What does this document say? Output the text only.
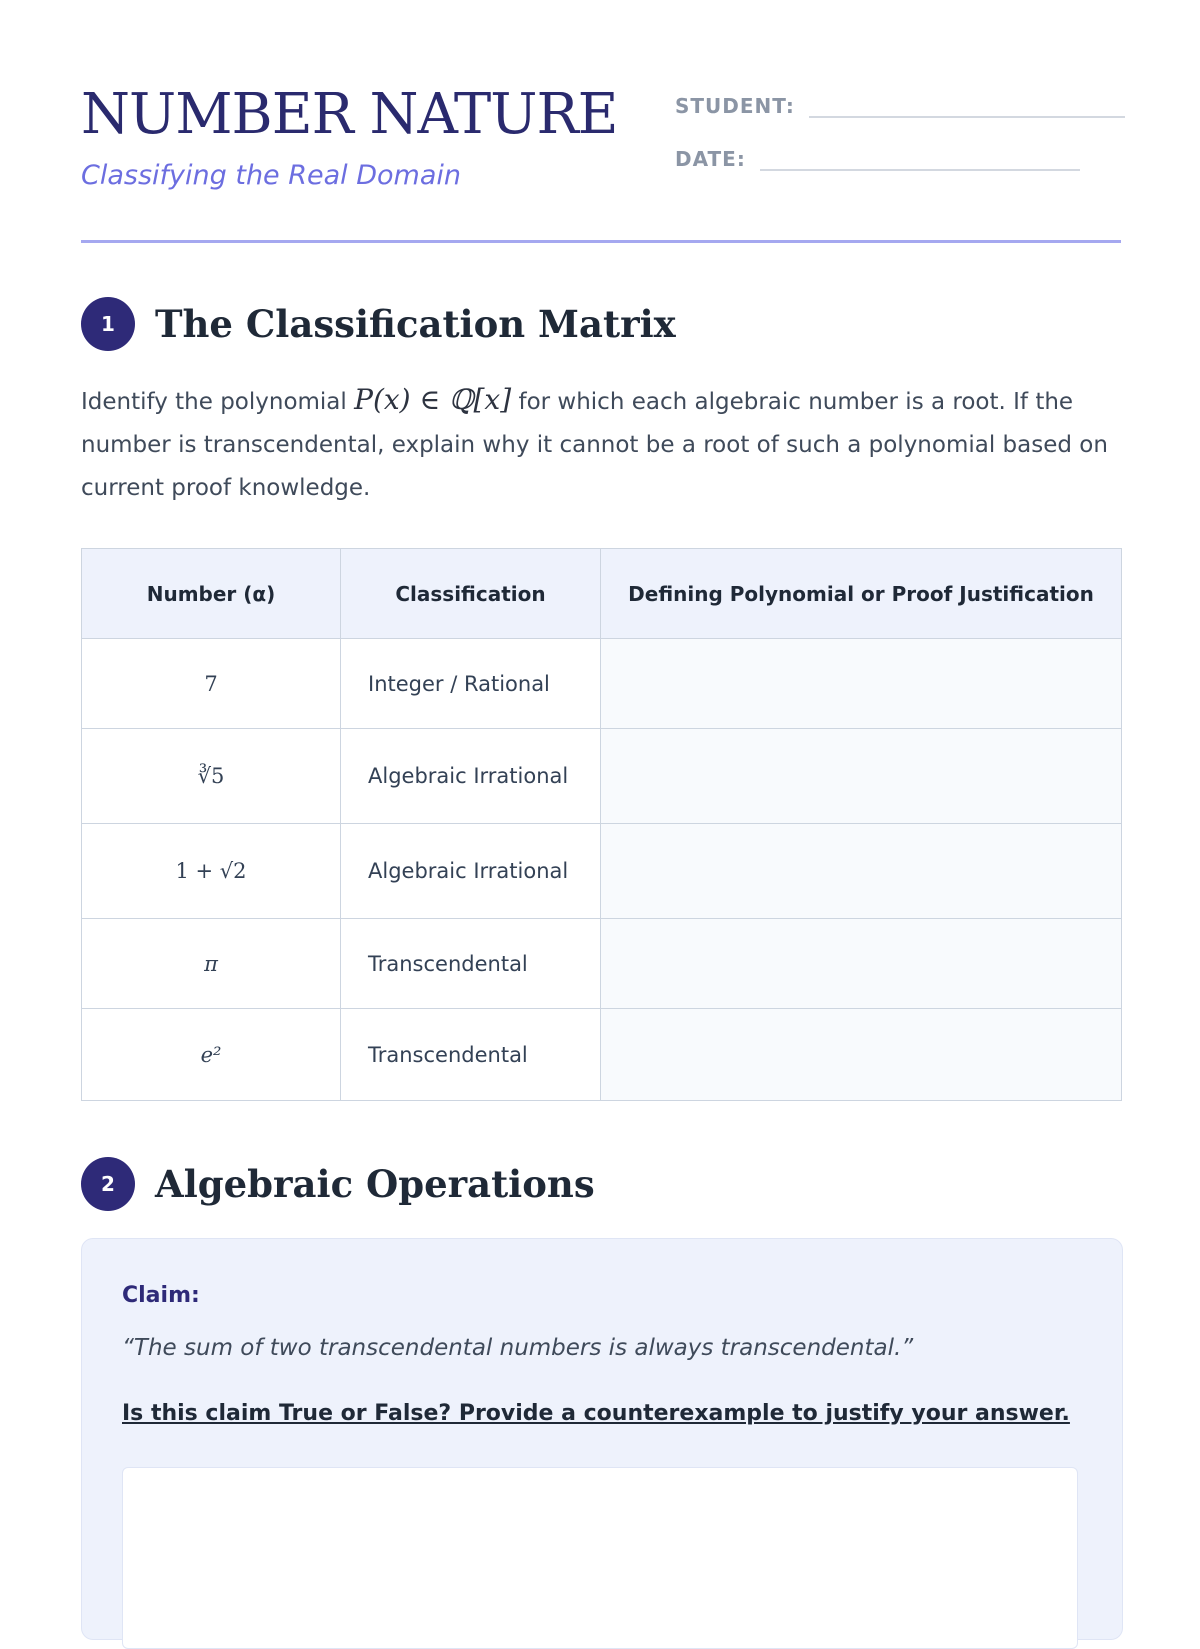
NUMBER NATURE
Classifying the Real Domain
STUDENT:
DATE:
1	The Classification Matrix
Identify the polynomial P(x) ∈ ℚ[x] for which each algebraic number is a root. If the number is transcendental, explain why it cannot be a root of such a polynomial based on current proof knowledge.
Number (α)	Classification	Defining Polynomial or Proof Justification
7	Integer / Rational	
∛5	Algebraic Irrational	
1 + √2	Algebraic Irrational	
π	Transcendental	
e²	Transcendental	
2	Algebraic Operations
Claim:
“The sum of two transcendental numbers is always transcendental.”
Is this claim True or False? Provide a counterexample to justify your answer.
